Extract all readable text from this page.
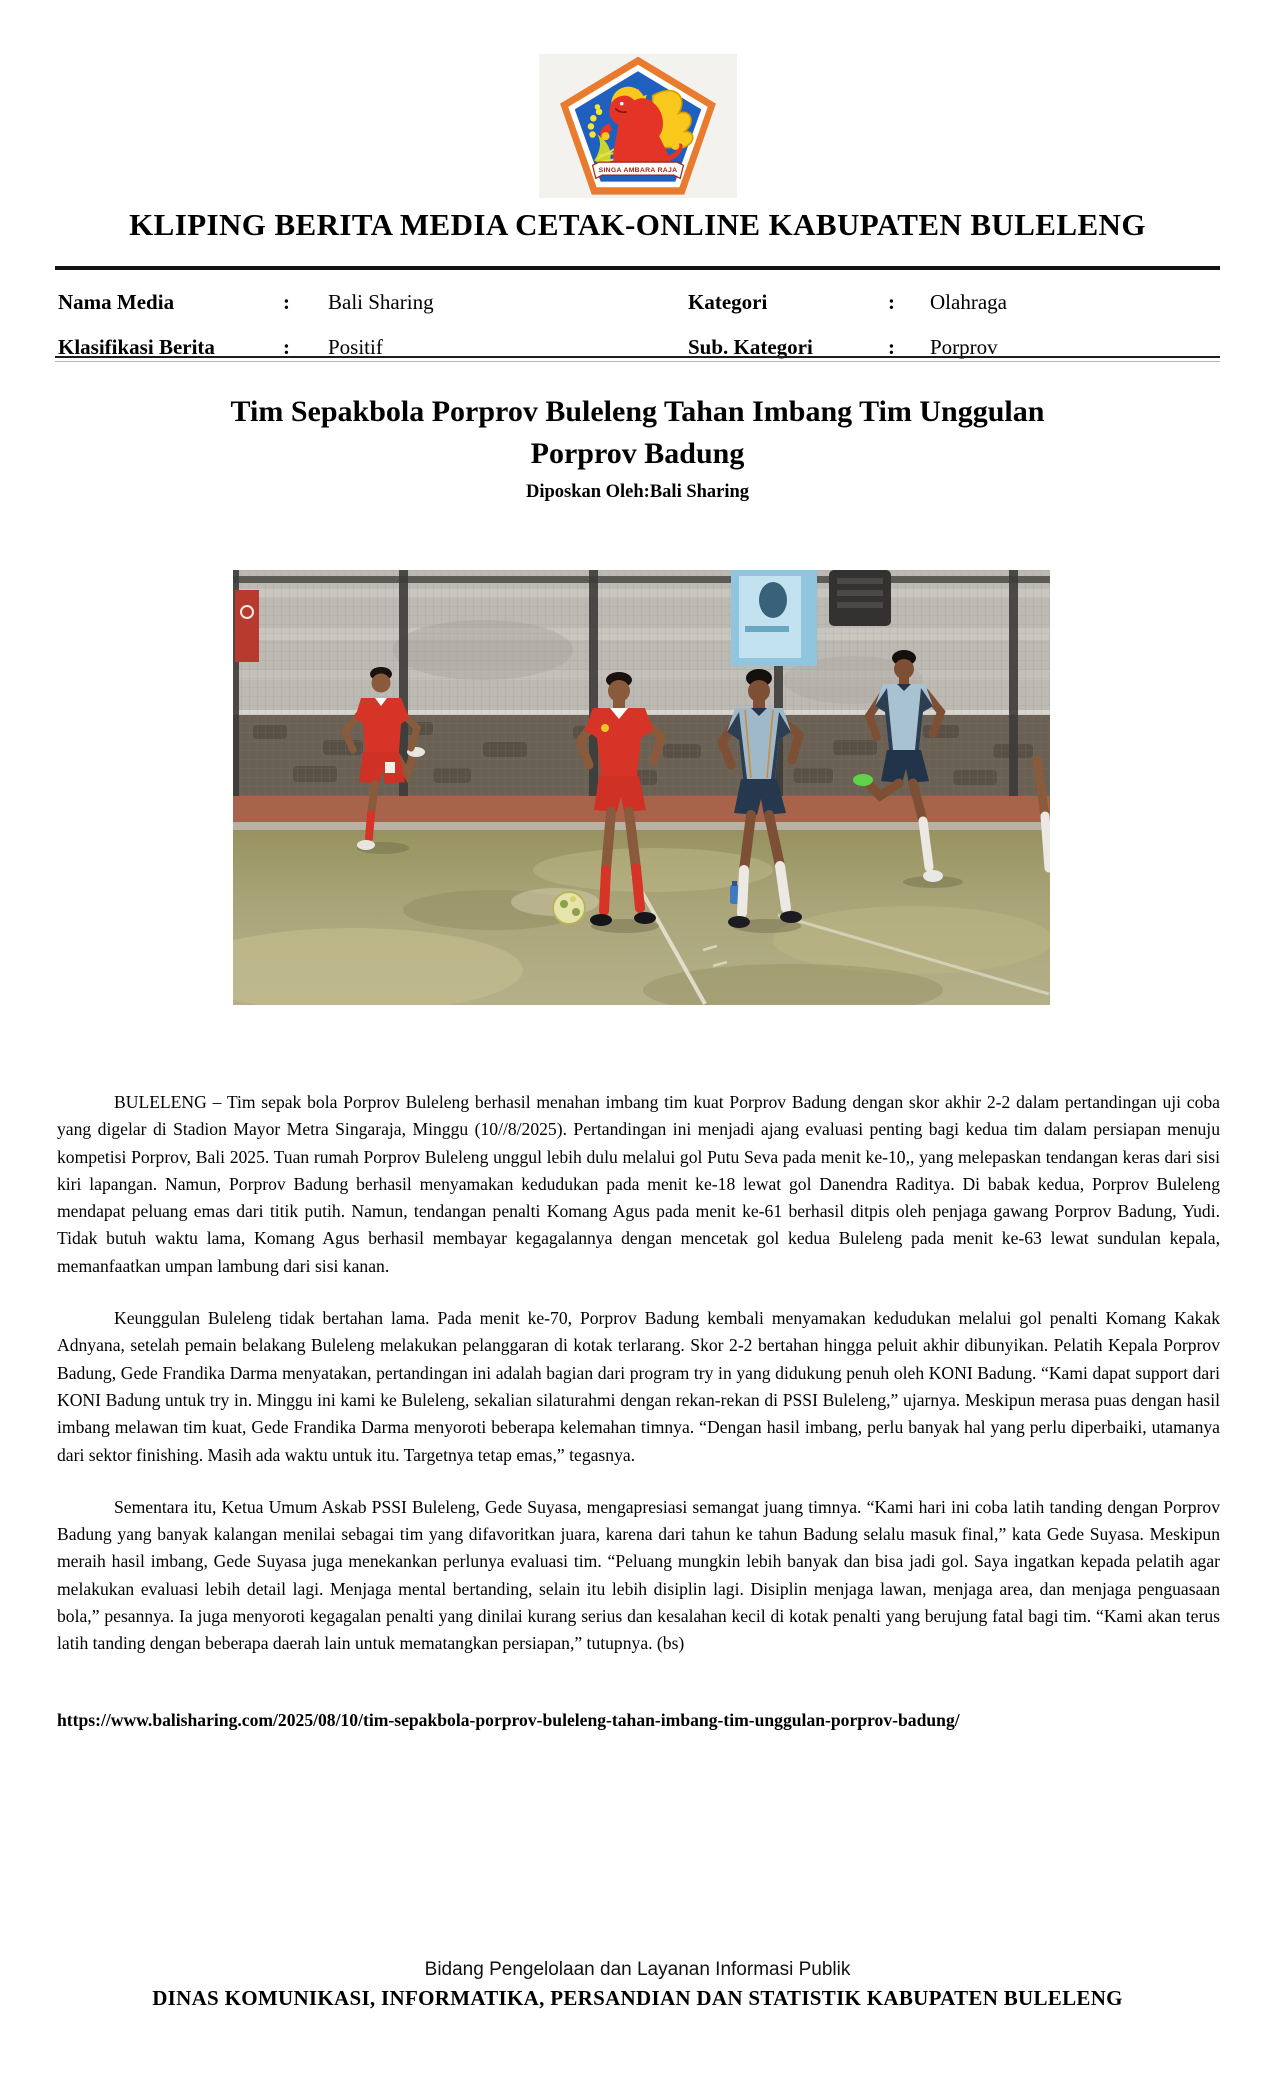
SINGA AMBARA RAJA
KLIPING BERITA MEDIA CETAK-ONLINE KABUPATEN BULELENG
Nama Media	:	Bali Sharing	Kategori	:	Olahraga
Klasifikasi Berita	:	Positif	Sub. Kategori	:	Porprov
Tim Sepakbola Porprov Buleleng Tahan Imbang Tim Unggulan
Porprov Badung
Diposkan Oleh:Bali Sharing

BULELENG – Tim sepak bola Porprov Buleleng berhasil menahan imbang tim kuat Porprov Badung dengan skor akhir 2-2 dalam pertandingan uji coba yang digelar di Stadion Mayor Metra Singaraja, Minggu (10//8/2025). Pertandingan ini menjadi ajang evaluasi penting bagi kedua tim dalam persiapan menuju kompetisi Porprov, Bali 2025. Tuan rumah Porprov Buleleng unggul lebih dulu melalui gol Putu Seva pada menit ke-10,, yang melepaskan tendangan keras dari sisi kiri lapangan. Namun, Porprov Badung berhasil menyamakan kedudukan pada menit ke-18 lewat gol Danendra Raditya. Di babak kedua, Porprov Buleleng mendapat peluang emas dari titik putih. Namun, tendangan penalti Komang Agus pada menit ke-61 berhasil ditpis oleh penjaga gawang Porprov Badung, Yudi. Tidak butuh waktu lama, Komang Agus berhasil membayar kegagalannya dengan mencetak gol kedua Buleleng pada menit ke-63 lewat sundulan kepala, memanfaatkan umpan lambung dari sisi kanan.

Keunggulan Buleleng tidak bertahan lama. Pada menit ke-70, Porprov Badung kembali menyamakan kedudukan melalui gol penalti Komang Kakak Adnyana, setelah pemain belakang Buleleng melakukan pelanggaran di kotak terlarang. Skor 2-2 bertahan hingga peluit akhir dibunyikan. Pelatih Kepala Porprov Badung, Gede Frandika Darma menyatakan, pertandingan ini adalah bagian dari program try in yang didukung penuh oleh KONI Badung. “Kami dapat support dari KONI Badung untuk try in. Minggu ini kami ke Buleleng, sekalian silaturahmi dengan rekan-rekan di PSSI Buleleng,” ujarnya. Meskipun merasa puas dengan hasil imbang melawan tim kuat, Gede Frandika Darma menyoroti beberapa kelemahan timnya. “Dengan hasil imbang, perlu banyak hal yang perlu diperbaiki, utamanya dari sektor finishing. Masih ada waktu untuk itu. Targetnya tetap emas,” tegasnya.

Sementara itu, Ketua Umum Askab PSSI Buleleng, Gede Suyasa, mengapresiasi semangat juang timnya. “Kami hari ini coba latih tanding dengan Porprov Badung yang banyak kalangan menilai sebagai tim yang difavoritkan juara, karena dari tahun ke tahun Badung selalu masuk final,” kata Gede Suyasa. Meskipun meraih hasil imbang, Gede Suyasa juga menekankan perlunya evaluasi tim. “Peluang mungkin lebih banyak dan bisa jadi gol. Saya ingatkan kepada pelatih agar melakukan evaluasi lebih detail lagi. Menjaga mental bertanding, selain itu lebih disiplin lagi. Disiplin menjaga lawan, menjaga area, dan menjaga penguasaan bola,” pesannya. Ia juga menyoroti kegagalan penalti yang dinilai kurang serius dan kesalahan kecil di kotak penalti yang berujung fatal bagi tim. “Kami akan terus latih tanding dengan beberapa daerah lain untuk mematangkan persiapan,” tutupnya. (bs)

https://www.balisharing.com/2025/08/10/tim-sepakbola-porprov-buleleng-tahan-imbang-tim-unggulan-porprov-badung/
Bidang Pengelolaan dan Layanan Informasi Publik
DINAS KOMUNIKASI, INFORMATIKA, PERSANDIAN DAN STATISTIK KABUPATEN BULELENG
